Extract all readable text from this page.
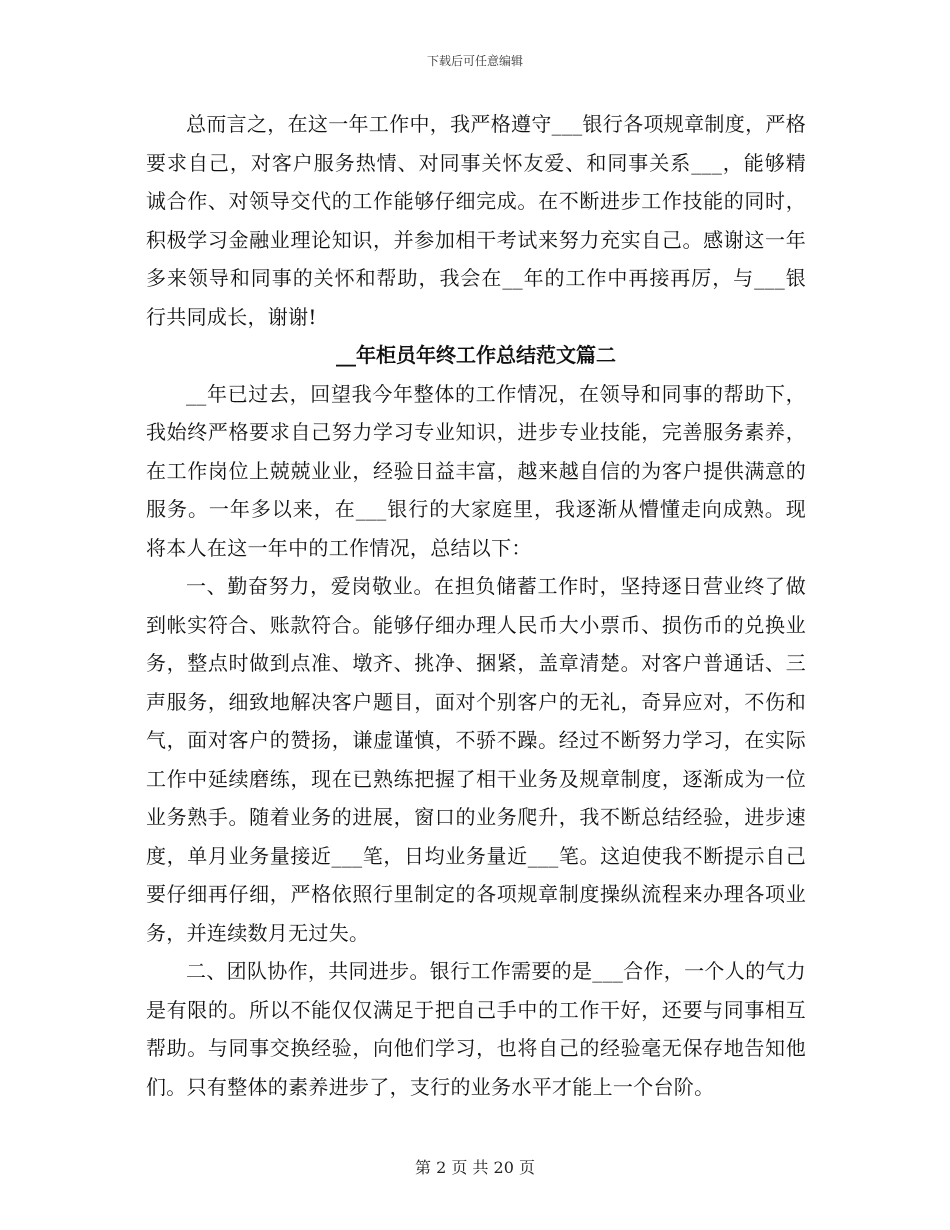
下载后可任意编辑

总而言之，在这一年工作中，我严格遵守___银行各项规章制度，严格要求自己，对客户服务热情、对同事关怀友爱、和同事关系___，能够精诚合作、对领导交代的工作能够仔细完成。在不断进步工作技能的同时，积极学习金融业理论知识，并参加相干考试来努力充实自己。感谢这一年多来领导和同事的关怀和帮助，我会在__年的工作中再接再厉，与___银行共同成长，谢谢!

__年柜员年终工作总结范文篇二

__年已过去，回望我今年整体的工作情况，在领导和同事的帮助下，我始终严格要求自己努力学习专业知识，进步专业技能，完善服务素养，在工作岗位上兢兢业业，经验日益丰富，越来越自信的为客户提供满意的服务。一年多以来，在___银行的大家庭里，我逐渐从懵懂走向成熟。现将本人在这一年中的工作情况，总结以下：

一、勤奋努力，爱岗敬业。在担负储蓄工作时，坚持逐日营业终了做到帐实符合、账款符合。能够仔细办理人民币大小票币、损伤币的兑换业务，整点时做到点准、墩齐、挑净、捆紧，盖章清楚。对客户普通话、三声服务，细致地解决客户题目，面对个别客户的无礼，奇异应对，不伤和气，面对客户的赞扬，谦虚谨慎，不骄不躁。经过不断努力学习，在实际工作中延续磨练，现在已熟练把握了相干业务及规章制度，逐渐成为一位业务熟手。随着业务的进展，窗口的业务爬升，我不断总结经验，进步速度，单月业务量接近___笔，日均业务量近___笔。这迫使我不断提示自己要仔细再仔细，严格依照行里制定的各项规章制度操纵流程来办理各项业务，并连续数月无过失。

二、团队协作，共同进步。银行工作需要的是___合作，一个人的气力是有限的。所以不能仅仅满足于把自己手中的工作干好，还要与同事相互帮助。与同事交换经验，向他们学习，也将自己的经验毫无保存地告知他们。只有整体的素养进步了，支行的业务水平才能上一个台阶。

第 2 页 共 20 页
